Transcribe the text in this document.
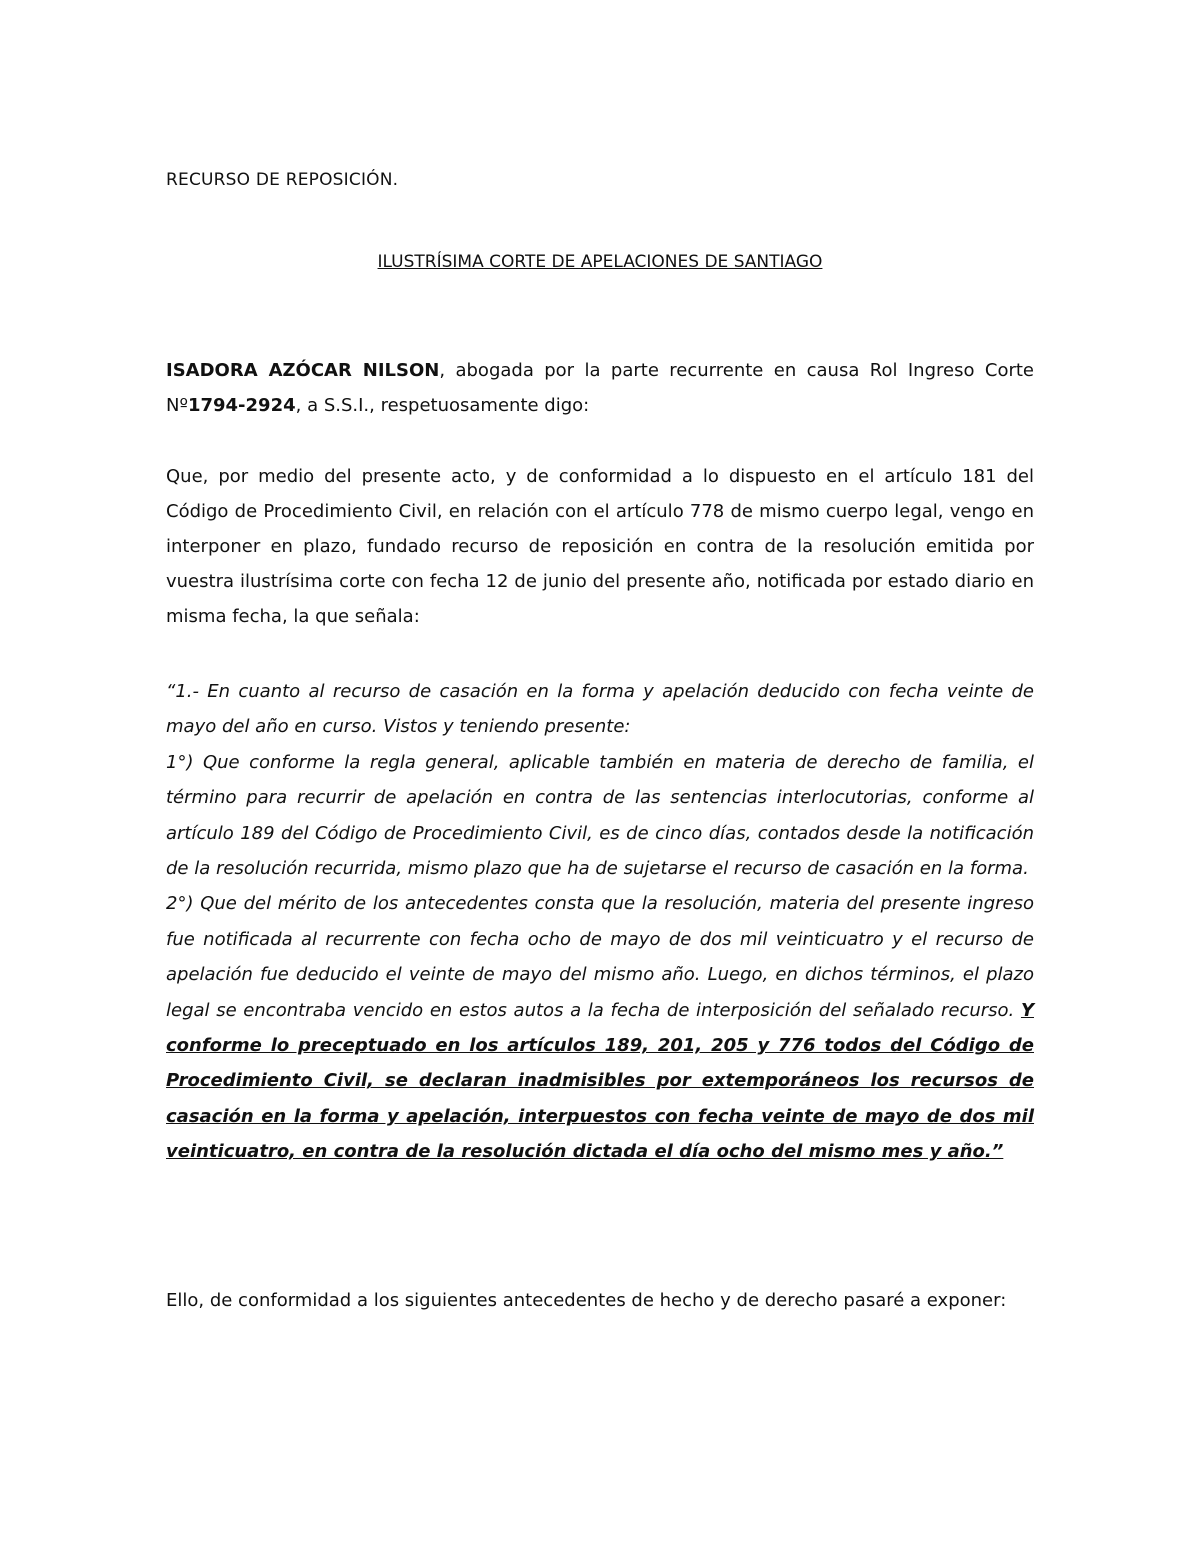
RECURSO DE REPOSICIÓN.
ILUSTRÍSIMA CORTE DE APELACIONES DE SANTIAGO

ISADORA AZÓCAR NILSON, abogada por la parte recurrente en causa Rol Ingreso Corte Nº1794-2924, a S.S.I., respetuosamente digo:

Que, por medio del presente acto, y de conformidad a lo dispuesto en el artículo 181 del Código de Procedimiento Civil, en relación con el artículo 778 de mismo cuerpo legal, vengo en interponer en plazo, fundado recurso de reposición en contra de la resolución emitida por vuestra ilustrísima corte con fecha 12 de junio del presente año, notificada por estado diario en misma fecha, la que señala:

“1.- En cuanto al recurso de casación en la forma y apelación deducido con fecha veinte de mayo del año en curso. Vistos y teniendo presente:
1°) Que conforme la regla general, aplicable también en materia de derecho de familia, el término para recurrir de apelación en contra de las sentencias interlocutorias, conforme al artículo 189 del Código de Procedimiento Civil, es de cinco días, contados desde la notificación de la resolución recurrida, mismo plazo que ha de sujetarse el recurso de casación en la forma.
2°) Que del mérito de los antecedentes consta que la resolución, materia del presente ingreso fue notificada al recurrente con fecha ocho de mayo de dos mil veinticuatro y el recurso de apelación fue deducido el veinte de mayo del mismo año. Luego, en dichos términos, el plazo legal se encontraba vencido en estos autos a la fecha de interposición del señalado recurso. Y conforme lo preceptuado en los artículos 189, 201, 205 y 776 todos del Código de Procedimiento Civil, se declaran inadmisibles por extemporáneos los recursos de casación en la forma y apelación, interpuestos con fecha veinte de mayo de dos mil veinticuatro, en contra de la resolución dictada el día ocho del mismo mes y año.”

Ello, de conformidad a los siguientes antecedentes de hecho y de derecho pasaré a exponer:
